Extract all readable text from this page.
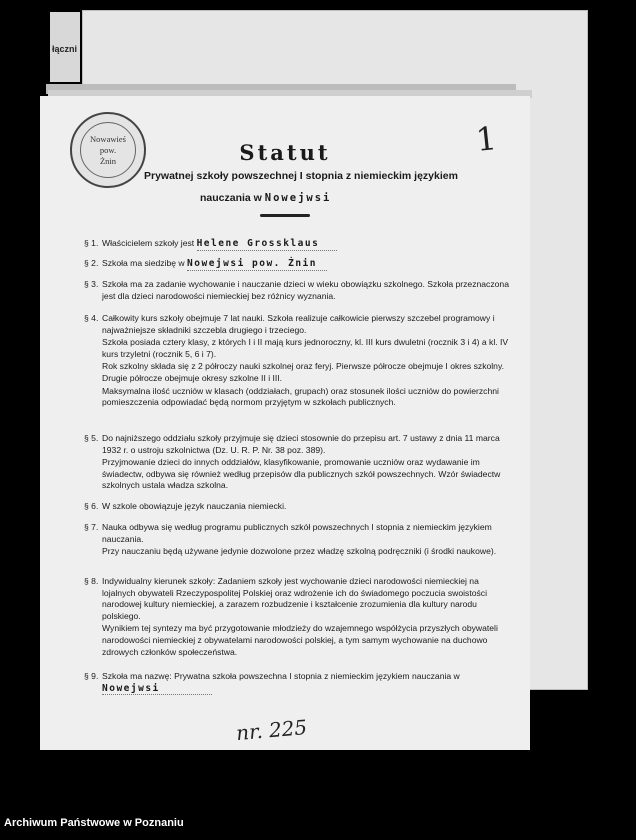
łączni
Nowawieś
pow.
Żnin
1
Statut
Prywatnej szkoły powszechnej I stopnia z niemieckim językiem
nauczania w Nowejwsi
§ 1. Właścicielem szkoły jest Helene Grossklaus
§ 2. Szkoła ma siedzibę w Nowejwsi pow. Żnin
§ 3. Szkoła ma za zadanie wychowanie i nauczanie dzieci w wieku obowiązku szkolnego. Szkoła przeznaczona jest dla dzieci narodowości niemieckiej bez różnicy wyznania.

§ 4. Całkowity kurs szkoły obejmuje 7 lat nauki. Szkoła realizuje całkowicie pierwszy szczebel programowy i najważniejsze składniki szczebla drugiego i trzeciego.

Szkoła posiada cztery klasy, z których I i II mają kurs jednoroczny, kl. III kurs dwuletni (rocznik 3 i 4) a kl. IV kurs trzyletni (rocznik 5, 6 i 7).

Rok szkolny składa się z 2 półroczy nauki szkolnej oraz feryj. Pierwsze półrocze obejmuje I okres szkolny. Drugie półrocze obejmuje okresy szkolne II i III.

Maksymalna ilość uczniów w klasach (oddziałach, grupach) oraz stosunek ilości uczniów do powierzchni pomieszczenia odpowiadać będą normom przyjętym w szkołach publicznych.

§ 5. Do najniższego oddziału szkoły przyjmuje się dzieci stosownie do przepisu art. 7 ustawy z dnia 11 marca 1932 r. o ustroju szkolnictwa (Dz. U. R. P. Nr. 38 poz. 389).

Przyjmowanie dzieci do innych oddziałów, klasyfikowanie, promowanie uczniów oraz wydawanie im świadectw, odbywa się również według przepisów dla publicznych szkół powszechnych. Wzór świadectw szkolnych ustala władza szkolna.

§ 6. W szkole obowiązuje język nauczania niemiecki.

§ 7. Nauka odbywa się według programu publicznych szkół powszechnych I stopnia z niemieckim językiem nauczania.

Przy nauczaniu będą używane jedynie dozwolone przez władzę szkolną podręczniki (i środki naukowe).

§ 8. Indywidualny kierunek szkoły: Zadaniem szkoły jest wychowanie dzieci narodowości niemieckiej na lojalnych obywateli Rzeczypospolitej Polskiej oraz wdrożenie ich do świadomego poczucia swoistości narodowej kultury niemieckiej, a zarazem rozbudzenie i kształcenie zrozumienia dla kultury narodu polskiego.

Wynikiem tej syntezy ma być przygotowanie młodzieży do wzajemnego współżycia przyszłych obywateli narodowości niemieckiej z obywatelami narodowości polskiej, a tym samym wychowanie na duchowo zdrowych członków społeczeństwa.

§ 9. Szkoła ma nazwę: Prywatna szkoła powszechna I stopnia z niemieckim językiem nauczania w Nowejwsi
nr. 225
Archiwum Państwowe w Poznaniu
